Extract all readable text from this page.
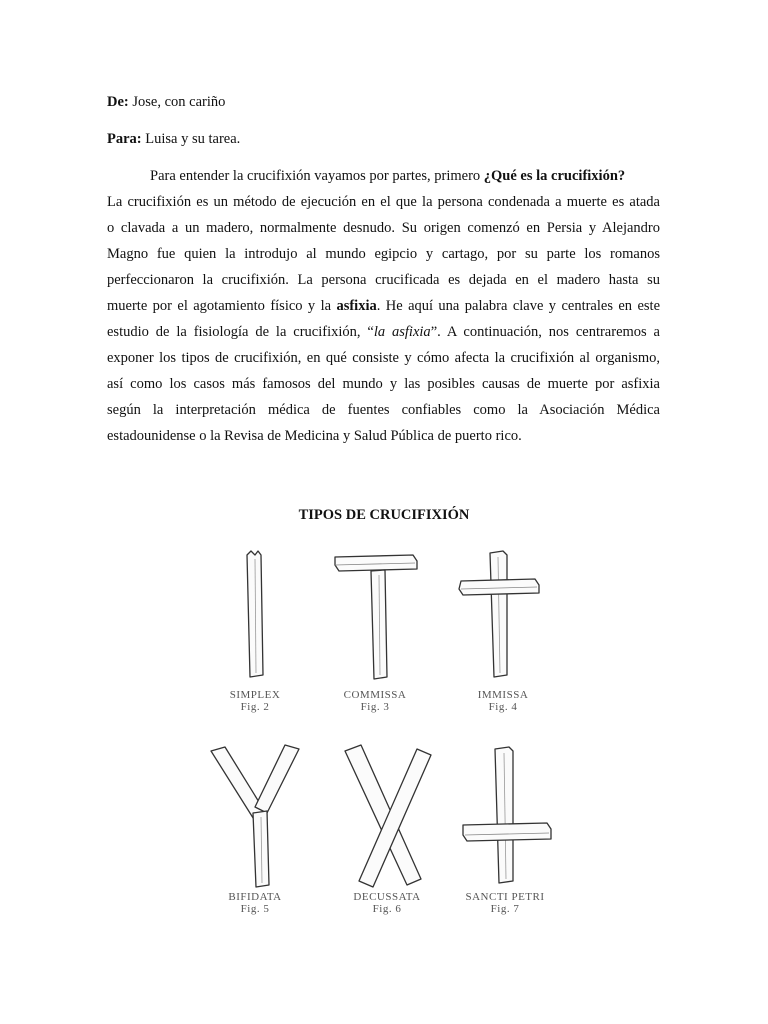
De: Jose, con cariño
Para: Luisa y su tarea.
Para entender la crucifixión vayamos por partes, primero ¿Qué es la crucifixión?
La crucifixión es un método de ejecución en el que la persona condenada a muerte es atada
o clavada a un madero, normalmente desnudo. Su origen comenzó en Persia y Alejandro
Magno fue quien la introdujo al mundo egipcio y cartago, por su parte los romanos
perfeccionaron la crucifixión. La persona crucificada es dejada en el madero hasta su
muerte por el agotamiento físico y la asfixia. He aquí una palabra clave y centrales en este
estudio de la fisiología de la crucifixión, “la asfixia”. A continuación, nos centraremos a
exponer los tipos de crucifixión, en qué consiste y cómo afecta la crucifixión al organismo,
así como los casos más famosos del mundo y las posibles causas de muerte por asfixia
según la interpretación médica de fuentes confiables como la Asociación Médica
estadounidense o la Revisa de Medicina y Salud Pública de puerto rico.
TIPOS DE CRUCIFIXIÓN
SIMPLEX
Fig. 2
COMMISSA
Fig. 3
IMMISSA
Fig. 4
BIFIDATA
Fig. 5
DECUSSATA
Fig. 6
SANCTI PETRI
Fig. 7
